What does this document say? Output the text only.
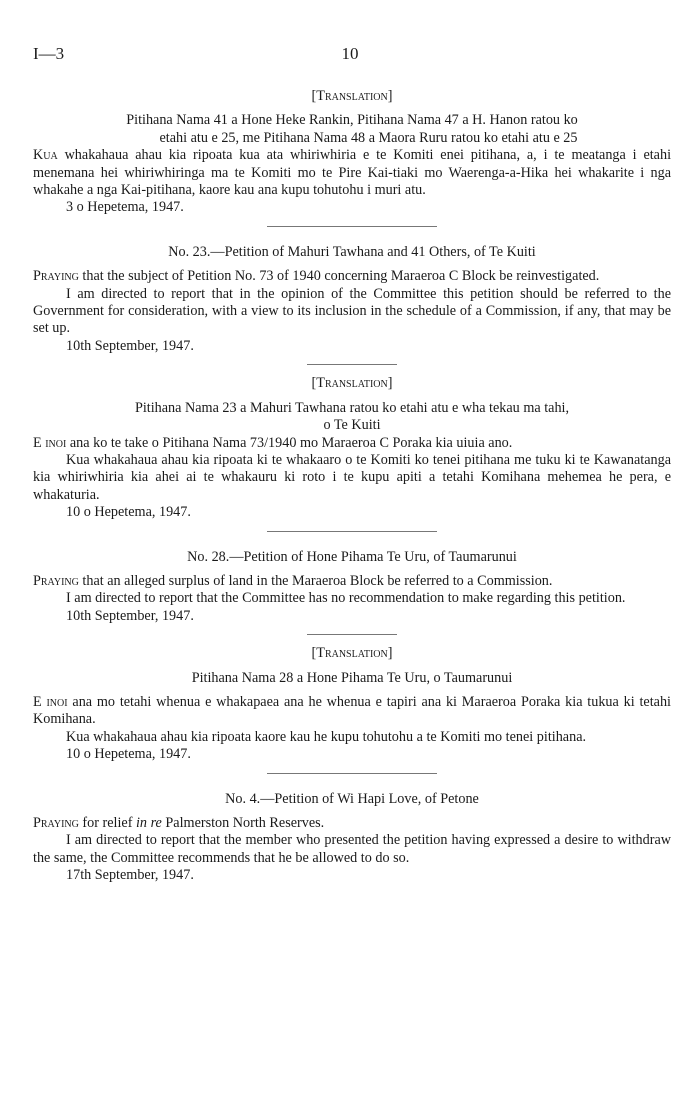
I—3	10

[Translation]

Pitihana Nama 41 a Hone Heke Rankin, Pitihana Nama 47 a H. Hanon ratou ko
etahi atu e 25, me Pitihana Nama 48 a Maora Ruru ratou ko etahi atu e 25

Kua whakahaua ahau kia ripoata kua ata whiriwhiria e te Komiti enei pitihana, a, i te meatanga i etahi menemana hei whiriwhiringa ma te Komiti mo te Pire Kai-tiaki mo Waerenga-a-Hika hei whakarite i nga whakahe a nga Kai-pitihana, kaore kau ana kupu tohutohu i muri atu.

3 o Hepetema, 1947.

No. 23.—Petition of Mahuri Tawhana and 41 Others, of Te Kuiti

Praying that the subject of Petition No. 73 of 1940 concerning Maraeroa C Block be reinvestigated.

I am directed to report that in the opinion of the Committee this petition should be referred to the Government for consideration, with a view to its inclusion in the schedule of a Commission, if any, that may be set up.

10th September, 1947.

[Translation]

Pitihana Nama 23 a Mahuri Tawhana ratou ko etahi atu e wha tekau ma tahi,
o Te Kuiti

E inoi ana ko te take o Pitihana Nama 73/1940 mo Maraeroa C Poraka kia uiuia ano.

Kua whakahaua ahau kia ripoata ki te whakaaro o te Komiti ko tenei pitihana me tuku ki te Kawanatanga kia whiriwhiria kia ahei ai te whakauru ki roto i te kupu apiti a tetahi Komihana mehemea he pera, e whakaturia.

10 o Hepetema, 1947.

No. 28.—Petition of Hone Pihama Te Uru, of Taumarunui

Praying that an alleged surplus of land in the Maraeroa Block be referred to a Commission.

I am directed to report that the Committee has no recommendation to make regarding this petition.

10th September, 1947.

[Translation]

Pitihana Nama 28 a Hone Pihama Te Uru, o Taumarunui

E inoi ana mo tetahi whenua e whakapaea ana he whenua e tapiri ana ki Maraeroa Poraka kia tukua ki tetahi Komihana.

Kua whakahaua ahau kia ripoata kaore kau he kupu tohutohu a te Komiti mo tenei pitihana.

10 o Hepetema, 1947.

No. 4.—Petition of Wi Hapi Love, of Petone

Praying for relief in re Palmerston North Reserves.

I am directed to report that the member who presented the petition having expressed a desire to withdraw the same, the Committee recommends that he be allowed to do so.

17th September, 1947.
